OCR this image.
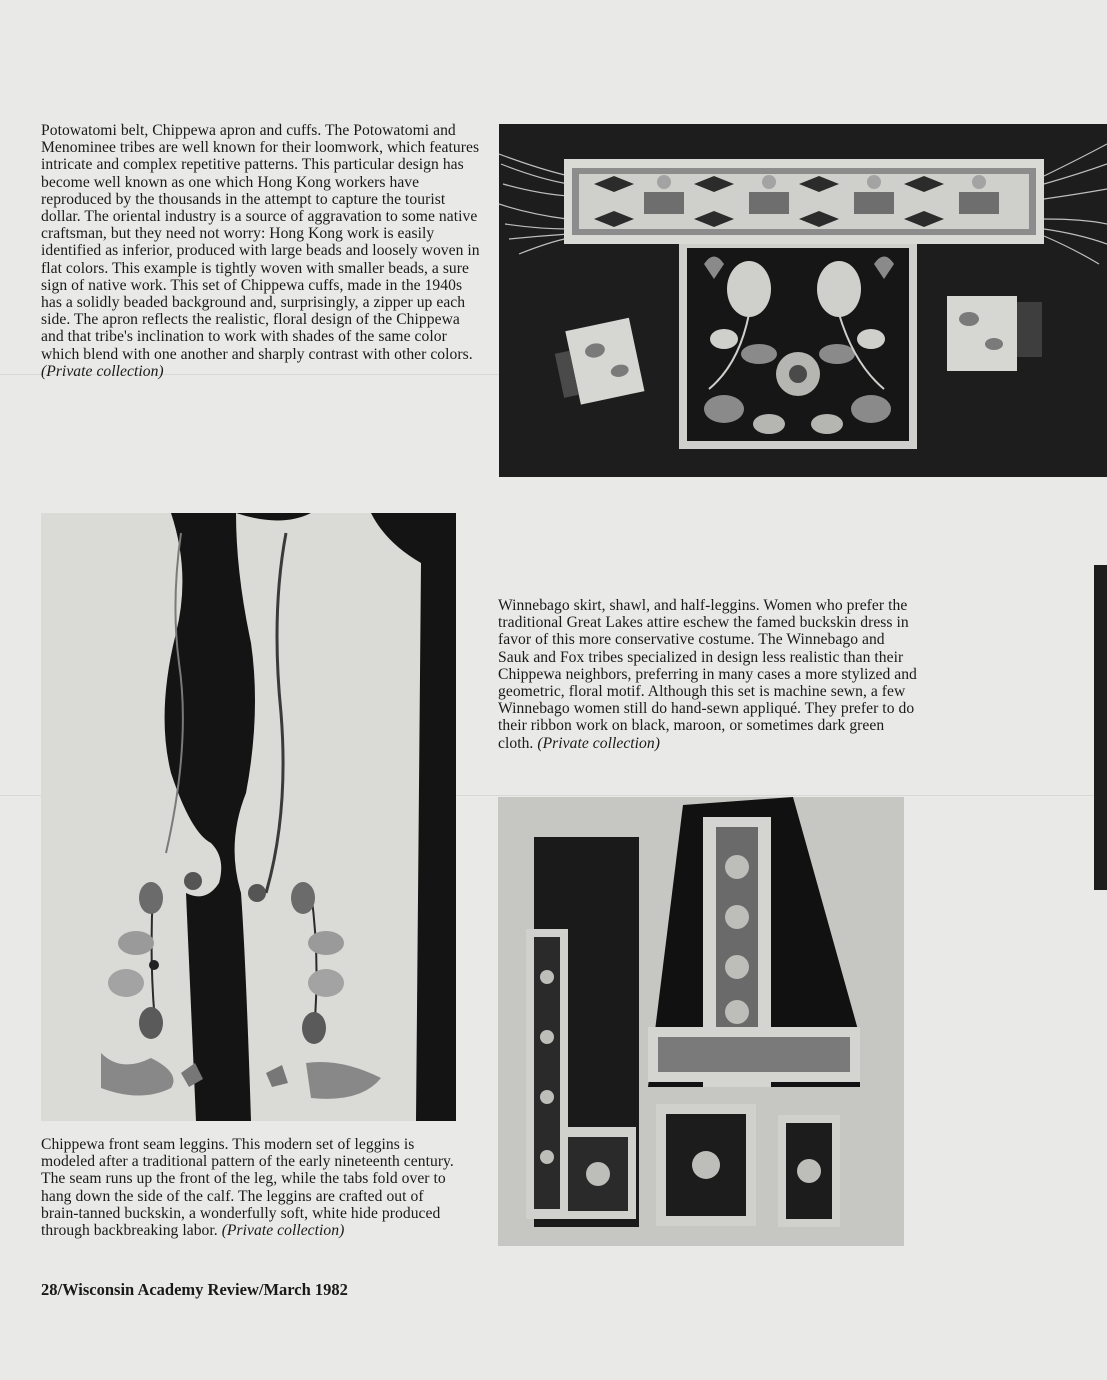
Potowatomi belt, Chippewa apron and cuffs. The Potowatomi and Menominee tribes are well known for their loomwork, which features intricate and complex repetitive patterns. This particular design has become well known as one which Hong Kong workers have reproduced by the thousands in the attempt to capture the tourist dollar. The oriental industry is a source of aggravation to some native craftsman, but they need not worry: Hong Kong work is easily identified as inferior, produced with large beads and loosely woven in flat colors. This example is tightly woven with smaller beads, a sure sign of native work. This set of Chippewa cuffs, made in the 1940s has a solidly beaded background and, surprisingly, a zipper up each side. The apron reflects the realistic, floral design of the Chippewa and that tribe's inclination to work with shades of the same color which blend with one another and sharply contrast with other colors. (Private collection)
Winnebago skirt, shawl, and half-leggins. Women who prefer the traditional Great Lakes attire eschew the famed buckskin dress in favor of this more conservative costume. The Winnebago and Sauk and Fox tribes specialized in design less realistic than their Chippewa neighbors, preferring in many cases a more stylized and geometric, floral motif. Although this set is machine sewn, a few Winnebago women still do hand-sewn appliqué. They prefer to do their ribbon work on black, maroon, or sometimes dark green cloth. (Private collection)
Chippewa front seam leggins. This modern set of leggins is modeled after a traditional pattern of the early nineteenth century. The seam runs up the front of the leg, while the tabs fold over to hang down the side of the calf. The leggins are crafted out of brain-tanned buckskin, a wonderfully soft, white hide produced through backbreaking labor. (Private collection)
28/Wisconsin Academy Review/March 1982
